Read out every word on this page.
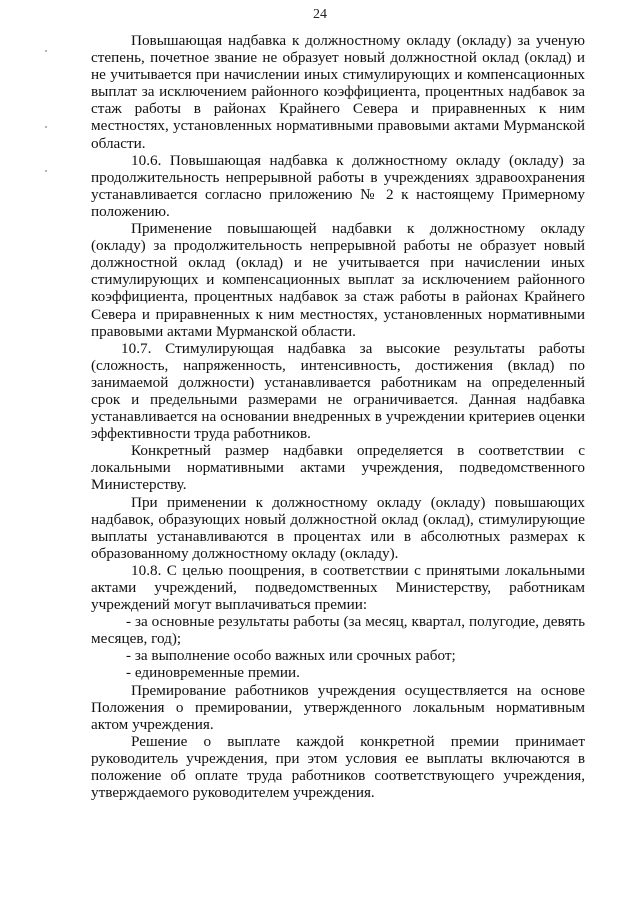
24

Повышающая надбавка к должностному окладу (окладу) за ученую степень, почетное звание не образует новый должностной оклад (оклад) и не учитывается при начислении иных стимулирующих и компенсационных выплат за исключением районного коэффициента, процентных надбавок за стаж работы в районах Крайнего Севера и приравненных к ним местностях, установленных нормативными правовыми актами Мурманской области.

10.6. Повышающая надбавка к должностному окладу (окладу) за продолжительность непрерывной работы в учреждениях здравоохранения устанавливается согласно приложению № 2 к настоящему Примерному положению.

Применение повышающей надбавки к должностному окладу (окладу) за продолжительность непрерывной работы не образует новый должностной оклад (оклад) и не учитывается при начислении иных стимулирующих и компенсационных выплат за исключением районного коэффициента, процентных надбавок за стаж работы в районах Крайнего Севера и приравненных к ним местностях, установленных нормативными правовыми актами Мурманской области.

10.7. Стимулирующая надбавка за высокие результаты работы (сложность, напряженность, интенсивность, достижения (вклад) по занимаемой должности) устанавливается работникам на определенный срок и предельными размерами не ограничивается. Данная надбавка устанавливается на основании внедренных в учреждении критериев оценки эффективности труда работников.

Конкретный размер надбавки определяется в соответствии с локальными нормативными актами учреждения, подведомственного Министерству.

При применении к должностному окладу (окладу) повышающих надбавок, образующих новый должностной оклад (оклад), стимулирующие выплаты устанавливаются в процентах или в абсолютных размерах к образованному должностному окладу (окладу).

10.8. С целью поощрения, в соответствии с принятыми локальными актами учреждений, подведомственных Министерству, работникам учреждений могут выплачиваться премии:

- за основные результаты работы (за месяц, квартал, полугодие, девять месяцев, год);

- за выполнение особо важных или срочных работ;

- единовременные премии.

Премирование работников учреждения осуществляется на основе Положения о премировании, утвержденного локальным нормативным актом учреждения.

Решение о выплате каждой конкретной премии принимает руководитель учреждения, при этом условия ее выплаты включаются в положение об оплате труда работников соответствующего учреждения, утверждаемого руководителем учреждения.
